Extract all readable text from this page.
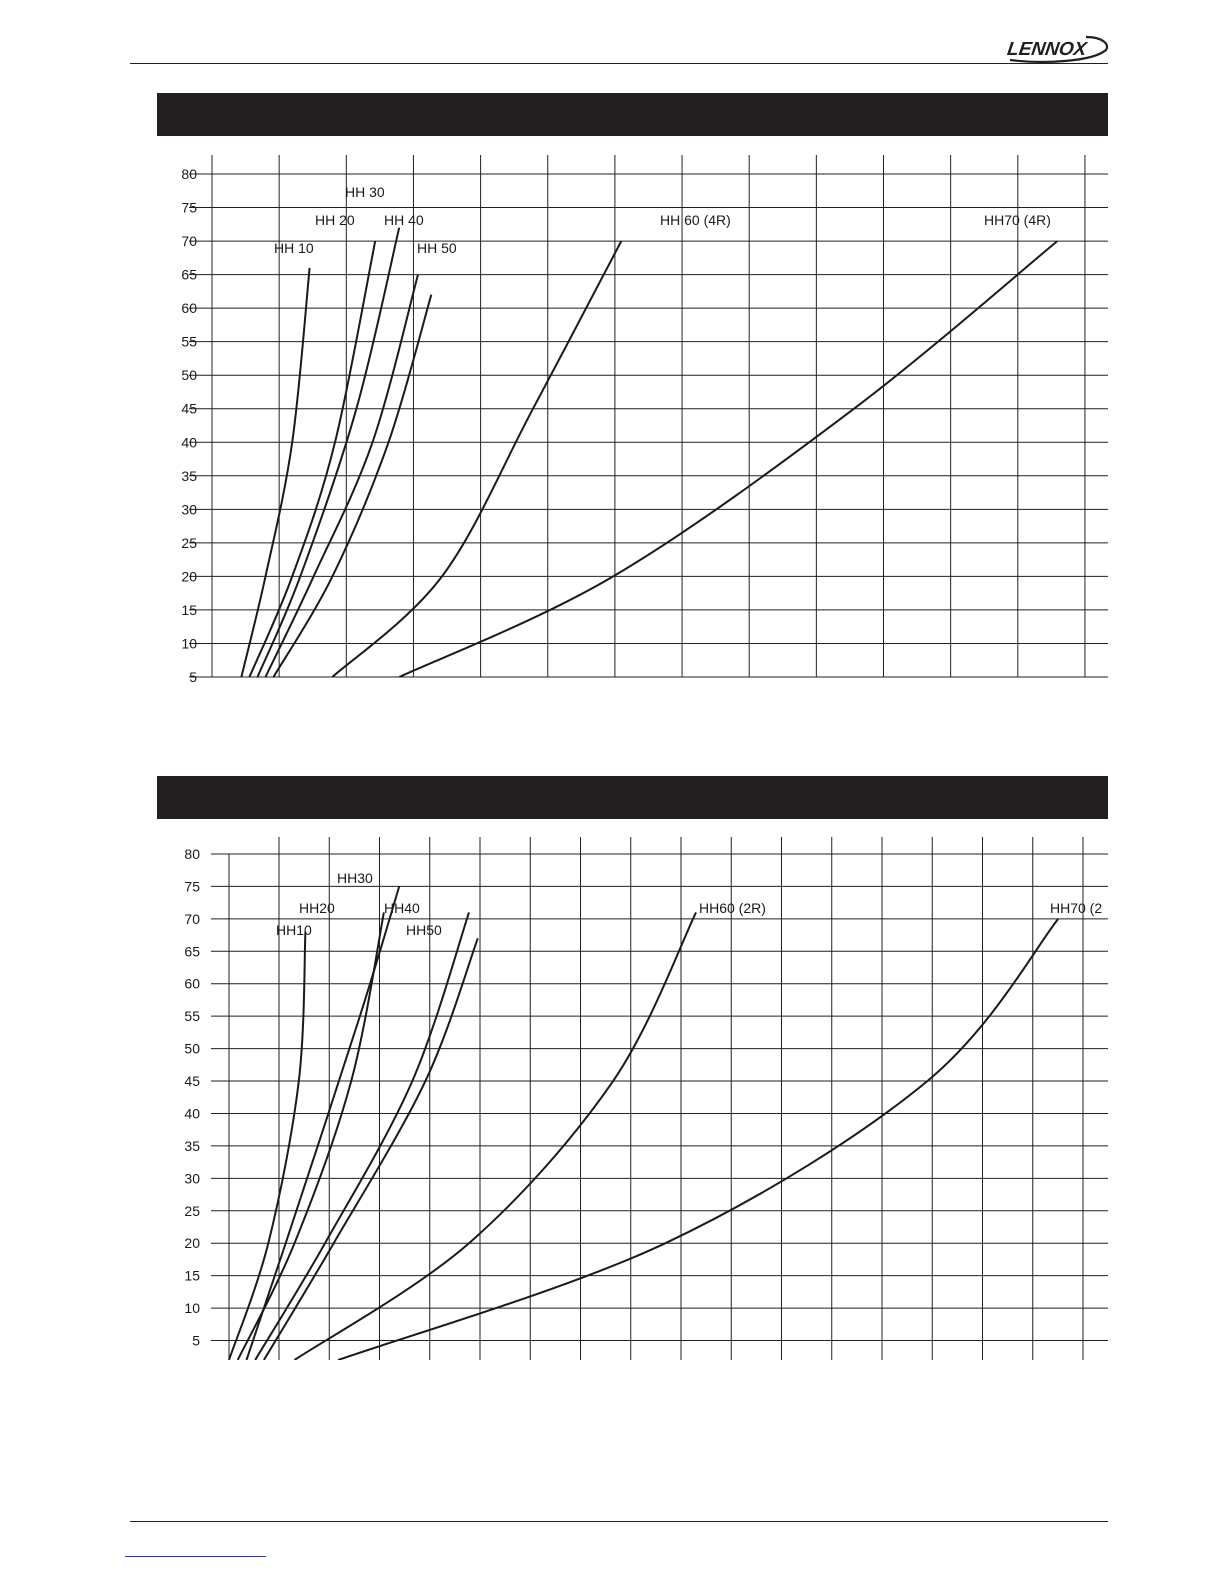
LENNOX
5
10
15
20
25
30
35
40
45
50
55
60
65
70
75
80
HH 10
HH 20
HH 30
HH 40
HH 50
HH 60 (4R)	HH70 (4R)
5
10
15
20
25
30
35
40
45
50
55
60
65
70
75
80
HH10
HH20
HH30
HH40
HH50
HH60 (2R)	HH70 (2
